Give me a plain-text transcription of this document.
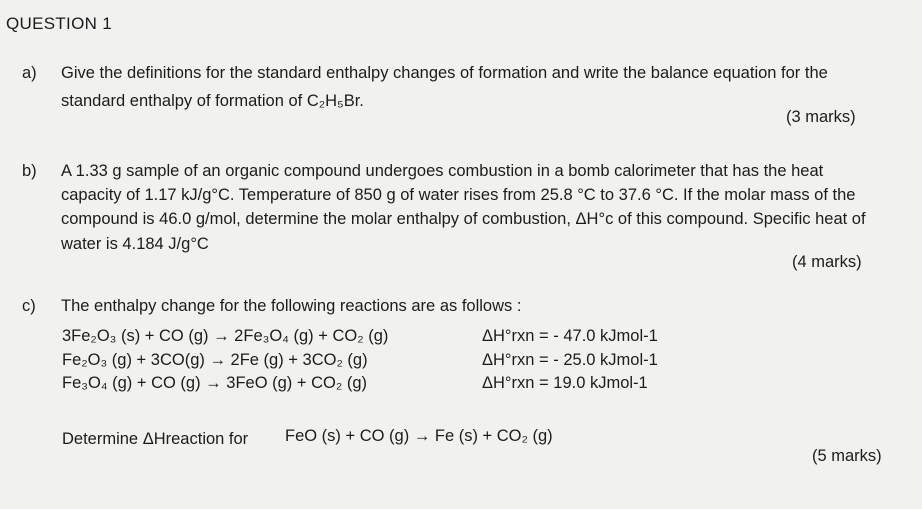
QUESTION 1
a) Give the definitions for the standard enthalpy changes of formation and write the balance equation for the
standard enthalpy of formation of C₂H₅Br.
(3 marks)
b) A 1.33 g sample of an organic compound undergoes combustion in a bomb calorimeter that has the heat
capacity of 1.17 kJ/g°C. Temperature of 850 g of water rises from 25.8 °C to 37.6 °C. If the molar mass of the
compound is 46.0 g/mol, determine the molar enthalpy of combustion, ΔH°c of this compound. Specific heat of
water is 4.184 J/g°C
(4 marks)
c) The enthalpy change for the following reactions are as follows :
3Fe₂O₃ (s) + CO (g) → 2Fe₃O₄ (g) + CO₂ (g)	ΔH°rxn = - 47.0 kJmol-1
Fe₂O₃ (g) + 3CO(g) → 2Fe (g) + 3CO₂ (g)	ΔH°rxn = - 25.0 kJmol-1
Fe₃O₄ (g) + CO (g) → 3FeO (g) + CO₂ (g)	ΔH°rxn = 19.0 kJmol-1
Determine ΔHreaction for FeO (s) + CO (g) → Fe (s) + CO₂ (g)
(5 marks)
